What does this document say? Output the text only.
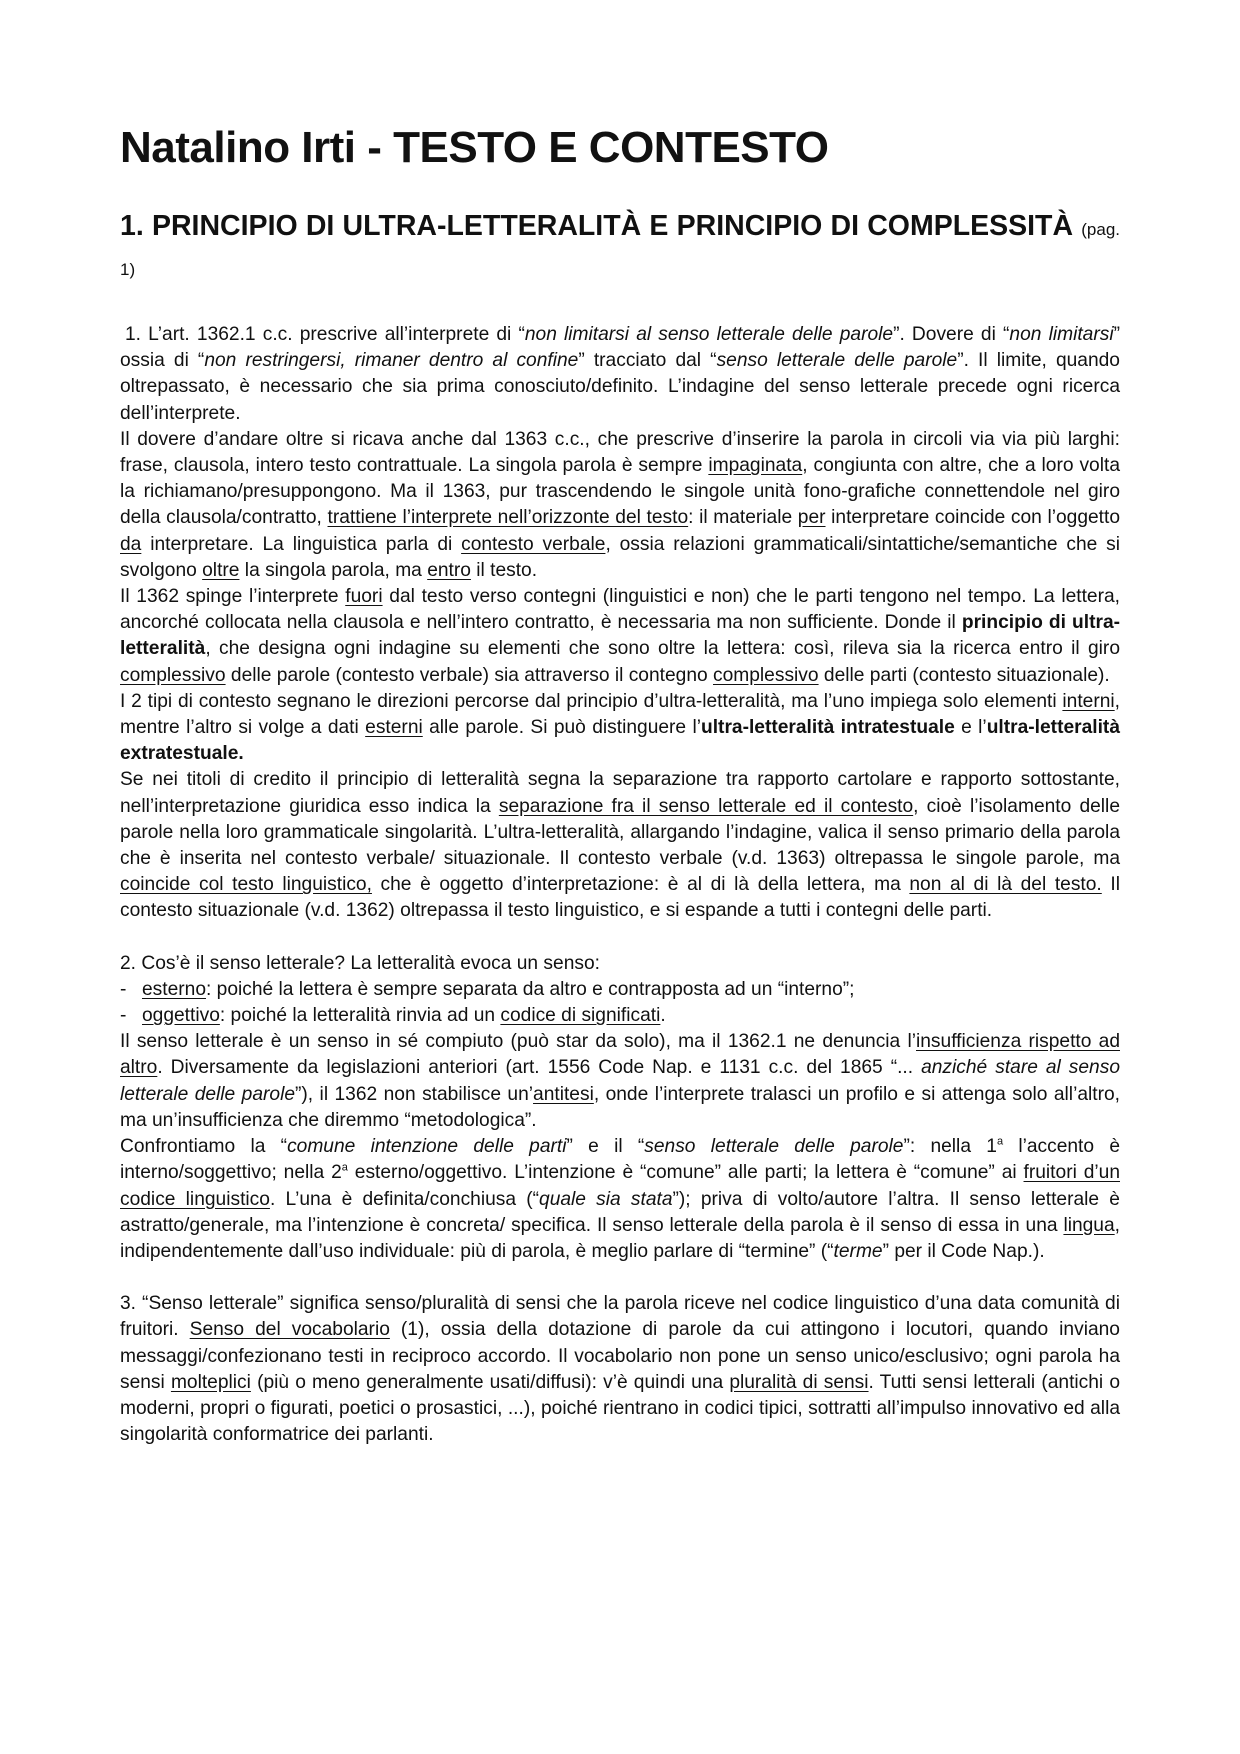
Natalino Irti - TESTO E CONTESTO
1. PRINCIPIO DI ULTRA-LETTERALITÀ E PRINCIPIO DI COMPLESSITÀ (pag. 1)

1. L’art. 1362.1 c.c. prescrive all’interprete di “non limitarsi al senso letterale delle parole”. Dovere di “non limitarsi” ossia di “non restringersi, rimaner dentro al confine” tracciato dal “senso letterale delle parole”. Il limite, quando oltrepassato, è necessario che sia prima conosciuto/definito. L’indagine del senso letterale precede ogni ricerca dell’interprete.

Il dovere d’andare oltre si ricava anche dal 1363 c.c., che prescrive d’inserire la parola in circoli via via più larghi: frase, clausola, intero testo contrattuale. La singola parola è sempre impaginata, congiunta con altre, che a loro volta la richiamano/presuppongono. Ma il 1363, pur trascendendo le singole unità fono-grafiche connettendole nel giro della clausola/contratto, trattiene l’interprete nell’orizzonte del testo: il materiale per interpretare coincide con l’oggetto da interpretare. La linguistica parla di contesto verbale, ossia relazioni grammaticali/sintattiche/semantiche che si svolgono oltre la singola parola, ma entro il testo.

Il 1362 spinge l’interprete fuori dal testo verso contegni (linguistici e non) che le parti tengono nel tempo. La lettera, ancorché collocata nella clausola e nell’intero contratto, è necessaria ma non sufficiente. Donde il principio di ultra-letteralità, che designa ogni indagine su elementi che sono oltre la lettera: così, rileva sia la ricerca entro il giro complessivo delle parole (contesto verbale) sia attraverso il contegno complessivo delle parti (contesto situazionale).

I 2 tipi di contesto segnano le direzioni percorse dal principio d’ultra-letteralità, ma l’uno impiega solo elementi interni, mentre l’altro si volge a dati esterni alle parole. Si può distinguere l’ultra-letteralità intratestuale e l’ultra-letteralità extratestuale.

Se nei titoli di credito il principio di letteralità segna la separazione tra rapporto cartolare e rapporto sottostante, nell’interpretazione giuridica esso indica la separazione fra il senso letterale ed il contesto, cioè l’isolamento delle parole nella loro grammaticale singolarità. L’ultra-letteralità, allargando l’indagine, valica il senso primario della parola che è inserita nel contesto verbale/ situazionale. Il contesto verbale (v.d. 1363) oltrepassa le singole parole, ma coincide col testo linguistico, che è oggetto d’interpretazione: è al di là della lettera, ma non al di là del testo. Il contesto situazionale (v.d. 1362) oltrepassa il testo linguistico, e si espande a tutti i contegni delle parti.

2. Cos’è il senso letterale? La letteralità evoca un senso:

- esterno: poiché la lettera è sempre separata da altro e contrapposta ad un “interno”;
- oggettivo: poiché la letteralità rinvia ad un codice di significati.

Il senso letterale è un senso in sé compiuto (può star da solo), ma il 1362.1 ne denuncia l’insufficienza rispetto ad altro. Diversamente da legislazioni anteriori (art. 1556 Code Nap. e 1131 c.c. del 1865 “... anziché stare al senso letterale delle parole”), il 1362 non stabilisce un’antitesi, onde l’interprete tralasci un profilo e si attenga solo all’altro, ma un’insufficienza che diremmo “metodologica”.

Confrontiamo la “comune intenzione delle parti” e il “senso letterale delle parole”: nella 1$^a$ l’accento è interno/soggettivo; nella 2$^a$ esterno/oggettivo. L’intenzione è “comune” alle parti; la lettera è “comune” ai fruitori d’un codice linguistico. L’una è definita/conchiusa (“quale sia stata”); priva di volto/autore l’altra. Il senso letterale è astratto/generale, ma l’intenzione è concreta/ specifica. Il senso letterale della parola è il senso di essa in una lingua, indipendentemente dall’uso individuale: più di parola, è meglio parlare di “termine” (“terme” per il Code Nap.).

3. “Senso letterale” significa senso/pluralità di sensi che la parola riceve nel codice linguistico d’una data comunità di fruitori. Senso del vocabolario (1), ossia della dotazione di parole da cui attingono i locutori, quando inviano messaggi/confezionano testi in reciproco accordo. Il vocabolario non pone un senso unico/esclusivo; ogni parola ha sensi molteplici (più o meno generalmente usati/diffusi): v’è quindi una pluralità di sensi. Tutti sensi letterali (antichi o moderni, propri o figurati, poetici o prosastici, ...), poiché rientrano in codici tipici, sottratti all’impulso innovativo ed alla singolarità conformatrice dei parlanti.
